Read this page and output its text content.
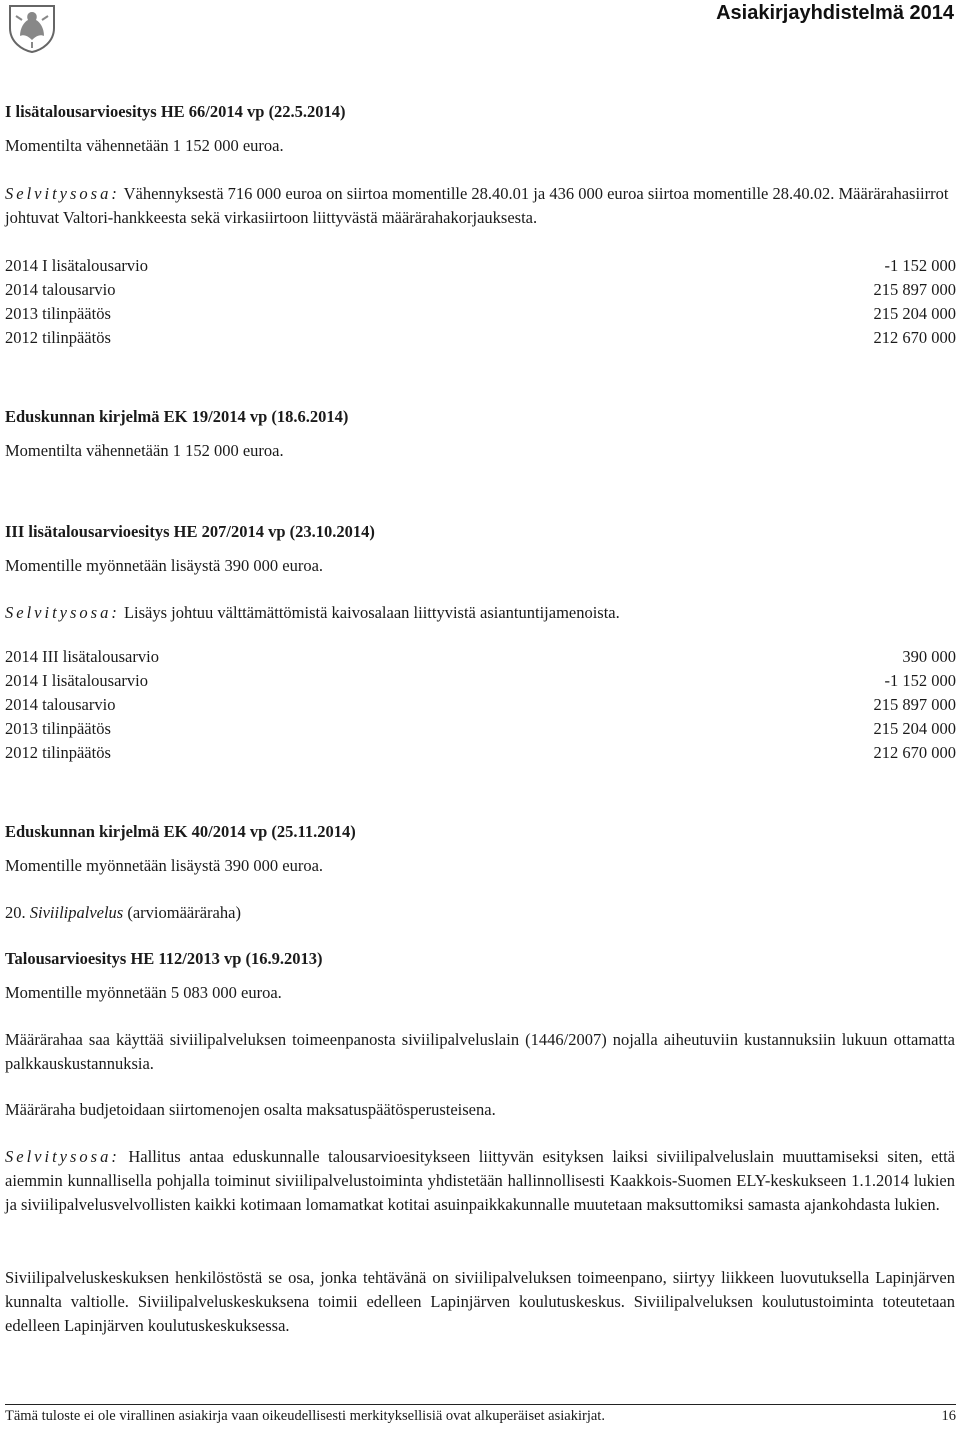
Asiakirjayhdistelmä 2014
I lisätalousarvioesitys HE 66/2014 vp (22.5.2014)
Momentilta vähennetään 1 152 000 euroa.
Selvitysosa: Vähennyksestä 716 000 euroa on siirtoa momentille 28.40.01 ja 436 000 euroa siirtoa momentille 28.40.02. Määrärahasiirrot johtuvat Valtori-hankkeesta sekä virkasiirtoon liittyvästä määrärahakorjauksesta.
2014 I lisätalousarvio	-1 152 000
2014 talousarvio	215 897 000
2013 tilinpäätös	215 204 000
2012 tilinpäätös	212 670 000
Eduskunnan kirjelmä EK 19/2014 vp (18.6.2014)
Momentilta vähennetään 1 152 000 euroa.
III lisätalousarvioesitys HE 207/2014 vp (23.10.2014)
Momentille myönnetään lisäystä 390 000 euroa.
Selvitysosa: Lisäys johtuu välttämättömistä kaivosalaan liittyvistä asiantuntijamenoista.
2014 III lisätalousarvio	390 000
2014 I lisätalousarvio	-1 152 000
2014 talousarvio	215 897 000
2013 tilinpäätös	215 204 000
2012 tilinpäätös	212 670 000
Eduskunnan kirjelmä EK 40/2014 vp (25.11.2014)
Momentille myönnetään lisäystä 390 000 euroa.
20. Siviilipalvelus (arviomääräraha)
Talousarvioesitys HE 112/2013 vp (16.9.2013)
Momentille myönnetään 5 083 000 euroa.
Määrärahaa saa käyttää siviilipalveluksen toimeenpanosta siviilipalveluslain (1446/2007) nojalla aiheutuviin kustannuksiin lukuun ottamatta palkkauskustannuksia.
Määräraha budjetoidaan siirtomenojen osalta maksatuspäätösperusteisena.
Selvitysosa: Hallitus antaa eduskunnalle talousarvioesitykseen liittyvän esityksen laiksi siviilipalveluslain muuttamiseksi siten, että aiemmin kunnallisella pohjalla toiminut siviilipalvelustoiminta yhdistetään hallinnollisesti Kaakkois-Suomen ELY-keskukseen 1.1.2014 lukien ja siviilipalvelusvelvollisten kaikki kotimaan lomamatkat kotitai asuinpaikkakunnalle muutetaan maksuttomiksi samasta ajankohdasta lukien.
Siviilipalveluskeskuksen henkilöstöstä se osa, jonka tehtävänä on siviilipalveluksen toimeenpano, siirtyy liikkeen luovutuksella Lapinjärven kunnalta valtiolle. Siviilipalveluskeskuksena toimii edelleen Lapinjärven koulutuskeskus. Siviilipalveluksen koulutustoiminta toteutetaan edelleen Lapinjärven koulutuskeskuksessa.
Tämä tuloste ei ole virallinen asiakirja vaan oikeudellisesti merkityksellisiä ovat alkuperäiset asiakirjat.	16
